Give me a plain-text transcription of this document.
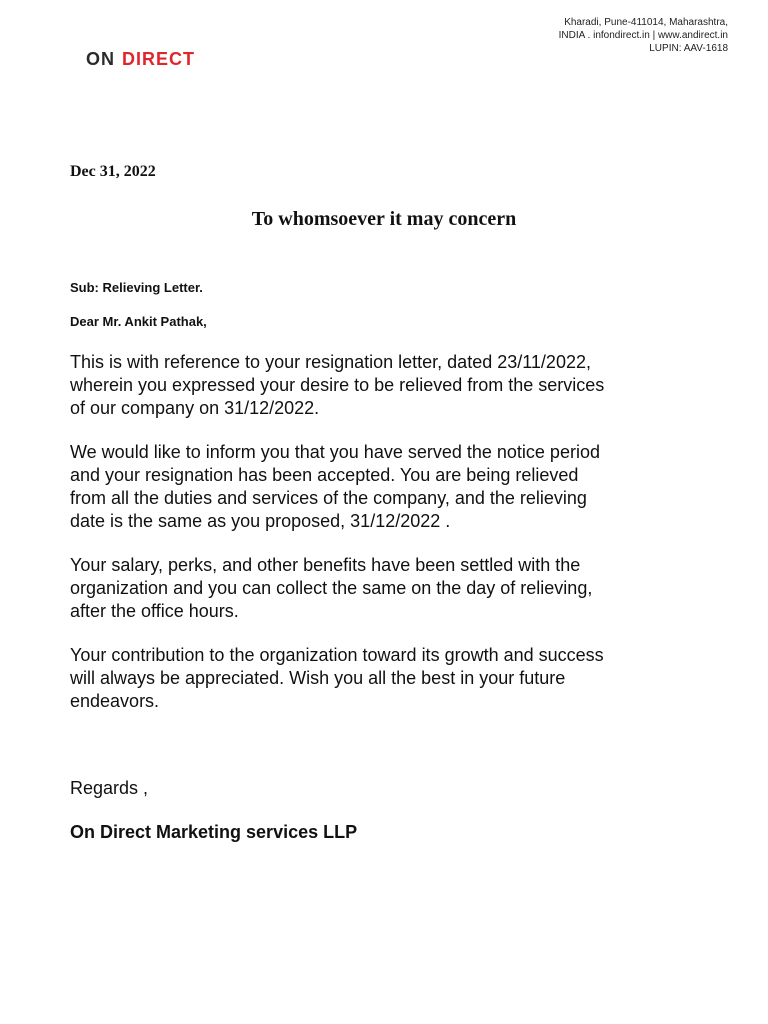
ON DIRECT
Kharadi, Pune-411014, Maharashtra,
INDIA . infondirect.in | www.andirect.in
LUPIN: AAV-1618
Dec 31, 2022
To whomsoever it may concern
Sub: Relieving Letter.
Dear Mr. Ankit Pathak,
This is with reference to your resignation letter, dated 23/11/2022,
wherein you expressed your desire to be relieved from the services
of our company on 31/12/2022.
We would like to inform you that you have served the notice period
and your resignation has been accepted. You are being relieved
from all the duties and services of the company, and the relieving
date is the same as you proposed, 31/12/2022 .
Your salary, perks, and other benefits have been settled with the
organization and you can collect the same on the day of relieving,
after the office hours.
Your contribution to the organization toward its growth and success
will always be appreciated. Wish you all the best in your future
endeavors.
Regards ,
On Direct Marketing services LLP
